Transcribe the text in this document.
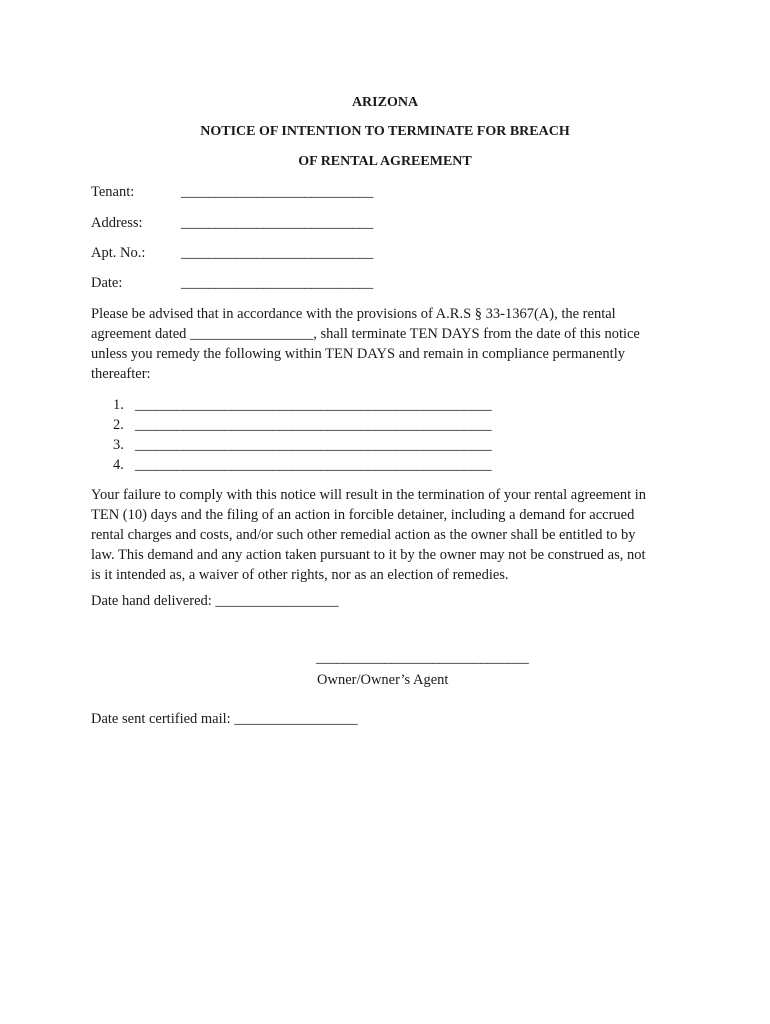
ARIZONA
NOTICE OF INTENTION TO TERMINATE FOR BREACH
OF RENTAL AGREEMENT
Tenant:	____________________________
Address:	____________________________
Apt. No.: ____________________________
Date:	____________________________

Please be advised that in accordance with the provisions of A.R.S § 33-1367(A), the rental
agreement dated _________________, shall terminate TEN DAYS from the date of this notice
unless you remedy the following within TEN DAYS and remain in compliance permanently
thereafter:

1. ____________________________________________________
2. ____________________________________________________
3. ____________________________________________________
4. ____________________________________________________

Your failure to comply with this notice will result in the termination of your rental agreement in
TEN (10) days and the filing of an action in forcible detainer, including a demand for accrued
rental charges and costs, and/or such other remedial action as the owner shall be entitled to by
law. This demand and any action taken pursuant to it by the owner may not be construed as, not
is it intended as, a waiver of other rights, nor as an election of remedies.

Date hand delivered: _________________
_______________________________
Owner/Owner’s Agent
Date sent certified mail: _________________
